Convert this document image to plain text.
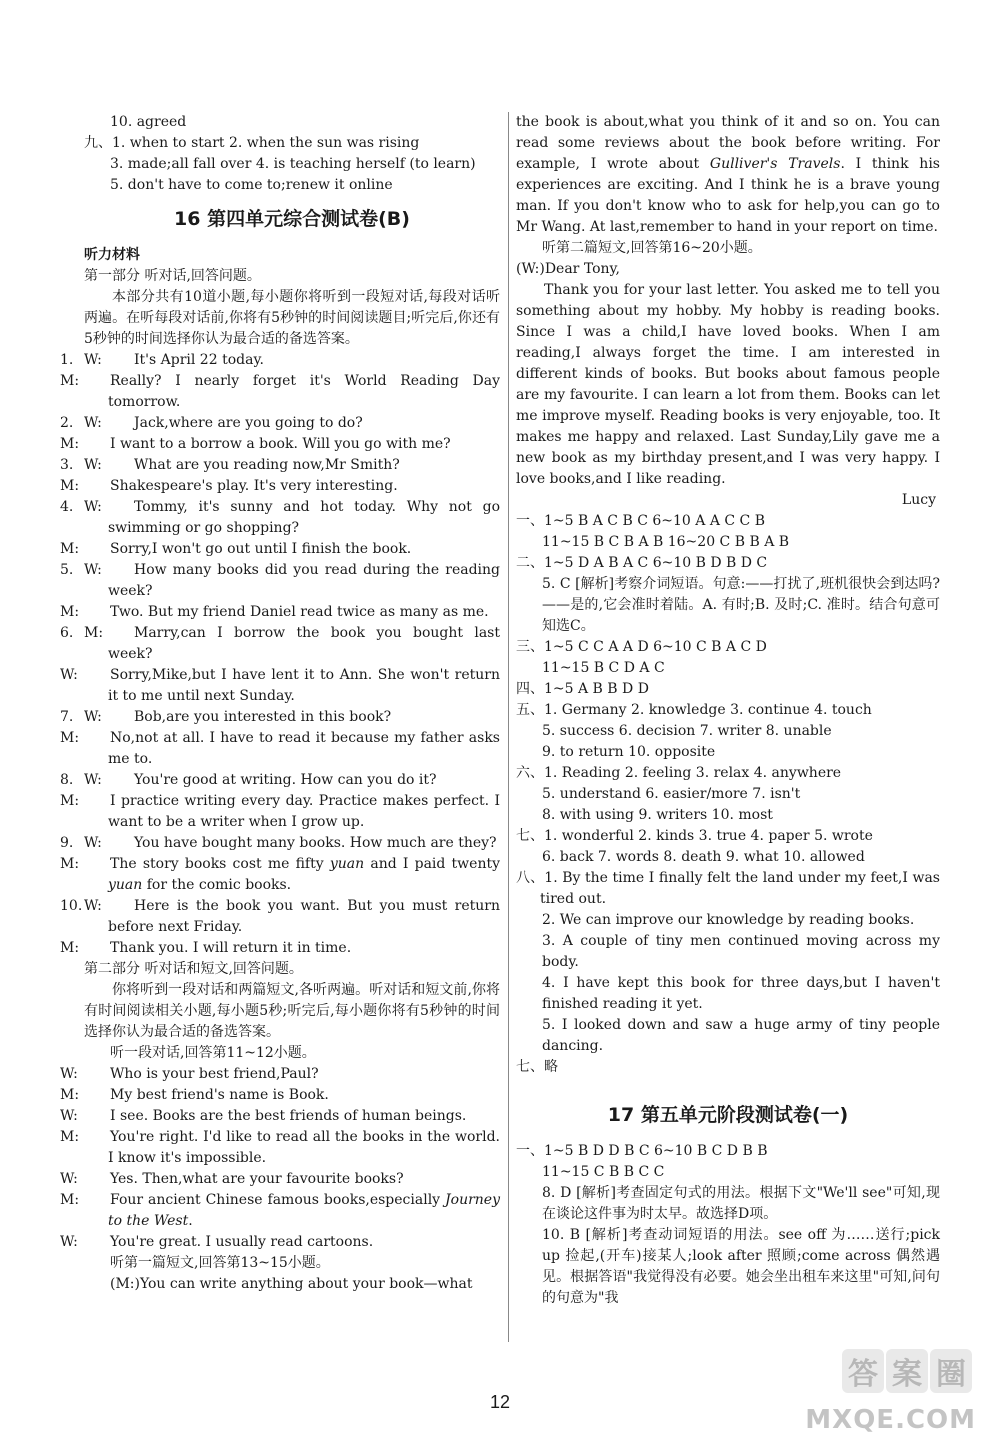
10. agreed
九、1. when to start 2. when the sun was rising
3. made;all fall over 4. is teaching herself (to learn)
5. don't have to come to;renew it online
16 第四单元综合测试卷(B)
听力材料
第一部分 听对话,回答问题。
本部分共有10道小题,每小题你将听到一段短对话,每段对话听两遍。在听每段对话前,你将有5秒钟的时间阅读题目;听完后,你还有5秒钟的时间选择你认为最合适的备选答案。
1. W: It's April 22 today.
M: Really? I nearly forget it's World Reading Day tomorrow.
2. W: Jack,where are you going to do?
M: I want to a borrow a book. Will you go with me?
3. W: What are you reading now,Mr Smith?
M: Shakespeare's play. It's very interesting.
4. W: Tommy, it's sunny and hot today. Why not go swimming or go shopping?
M: Sorry,I won't go out until I finish the book.
5. W: How many books did you read during the reading week?
M: Two. But my friend Daniel read twice as many as me.
6. M: Marry,can I borrow the book you bought last week?
W: Sorry,Mike,but I have lent it to Ann. She won't return it to me until next Sunday.
7. W: Bob,are you interested in this book?
M: No,not at all. I have to read it because my father asks me to.
8. W: You're good at writing. How can you do it?
M: I practice writing every day. Practice makes perfect. I want to be a writer when I grow up.
9. W: You have bought many books. How much are they?
M: The story books cost me fifty yuan and I paid twenty yuan for the comic books.
10. W: Here is the book you want. But you must return before next Friday.
M: Thank you. I will return it in time.
第二部分 听对话和短文,回答问题。
你将听到一段对话和两篇短文,各听两遍。听对话和短文前,你将有时间阅读相关小题,每小题5秒;听完后,每小题你将有5秒钟的时间选择你认为最合适的备选答案。
听一段对话,回答第11~12小题。
W: Who is your best friend,Paul?
M: My best friend's name is Book.
W: I see. Books are the best friends of human beings.
M: You're right. I'd like to read all the books in the world. I know it's impossible.
W: Yes. Then,what are your favourite books?
M: Four ancient Chinese famous books,especially Journey to the West.
W: You're great. I usually read cartoons.
听第一篇短文,回答第13~15小题。
(M:)You can write anything about your book—what
the book is about,what you think of it and so on. You can read some reviews about the book before writing. For example, I wrote about Gulliver's Travels. I think his experiences are exciting. And I think he is a brave young man. If you don't know who to ask for help,you can go to Mr Wang. At last,remember to hand in your report on time.
听第二篇短文,回答第16~20小题。
(W:)Dear Tony,
Thank you for your last letter. You asked me to tell you something about my hobby. My hobby is reading books. Since I was a child,I have loved books. When I am reading,I always forget the time. I am interested in different kinds of books. But books about famous people are my favourite. I can learn a lot from them. Books can let me improve myself. Reading books is very enjoyable, too. It makes me happy and relaxed. Last Sunday,Lily gave me a new book as my birthday present,and I was very happy. I love books,and I like reading.
Lucy
一、1~5 B A C B C 6~10 A A C C B
11~15 B C B A B 16~20 C B B A B
二、1~5 D A B A C 6~10 B D B D C
5. C [解析]考察介词短语。句意:——打扰了,班机很快会到达吗?——是的,它会准时着陆。A. 有时;B. 及时;C. 准时。结合句意可知选C。
三、1~5 C C A A D 6~10 C B A C D
11~15 B C D A C
四、1~5 A B B D D
五、1. Germany 2. knowledge 3. continue 4. touch
5. success 6. decision 7. writer 8. unable
9. to return 10. opposite
六、1. Reading 2. feeling 3. relax 4. anywhere
5. understand 6. easier/more 7. isn't
8. with using 9. writers 10. most
七、1. wonderful 2. kinds 3. true 4. paper 5. wrote
6. back 7. words 8. death 9. what 10. allowed
八、1. By the time I finally felt the land under my feet,I was tired out.
2. We can improve our knowledge by reading books.
3. A couple of tiny men continued moving across my body.
4. I have kept this book for three days,but I haven't finished reading it yet.
5. I looked down and saw a huge army of tiny people dancing.
七、略
17 第五单元阶段测试卷(一)
一、1~5 B D D B C 6~10 B C D B B
11~15 C B B C C
8. D [解析]考查固定句式的用法。根据下文"We'll see"可知,现在谈论这件事为时太早。故选择D项。
10. B [解析]考查动词短语的用法。see off 为……送行;pick up 捡起,(开车)接某人;look after 照顾;come across 偶然遇见。根据答语"我觉得没有必要。她会坐出租车来这里"可知,问句的句意为"我
12
答 案 圈
MXQE.COM
